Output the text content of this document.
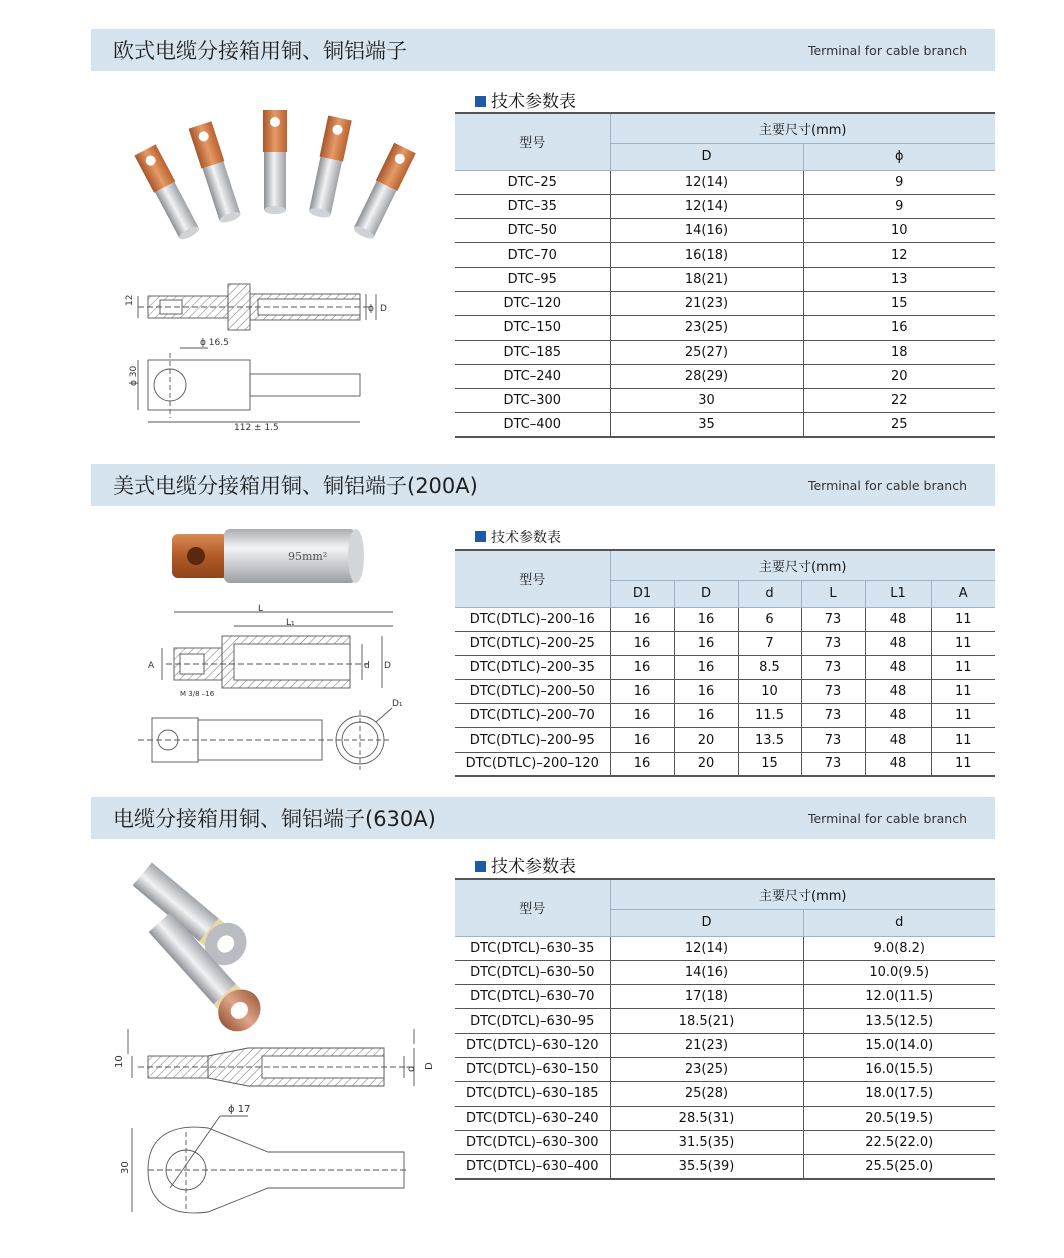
欧式电缆分接箱用铜、铜铝端子	Terminal for cable branch
技术参数表
型号	主要尺寸(mm)	
	D	ϕ
DTC–25	12(14)	9
DTC–35	12(14)	9
DTC–50	14(16)	10
DTC–70	16(18)	12
DTC–95	18(21)	13
DTC–120	21(23)	15
DTC–150	23(25)	16
DTC–185	25(27)	18
DTC–240	28(29)	20
DTC–300	30	22
DTC–400	35	25
12
ϕ D
ϕ 16.5
ϕ 30
112 ± 1.5
美式电缆分接箱用铜、铜铝端子(200A)	Terminal for cable branch
技术参数表
型号	主要尺寸(mm)					
	D1	D	d	L	L1	A
DTC(DTLC)–200–16	16	16	6	73	48	11
DTC(DTLC)–200–25	16	16	7	73	48	11
DTC(DTLC)–200–35	16	16	8.5	73	48	11
DTC(DTLC)–200–50	16	16	10	73	48	11
DTC(DTLC)–200–70	16	16	11.5	73	48	11
DTC(DTLC)–200–95	16	20	13.5	73	48	11
DTC(DTLC)–200–120	16	20	15	73	48	11
95mm²
L
L₁
A	d D
M 3/8 –16
D₁
电缆分接箱用铜、铜铝端子(630A)	Terminal for cable branch
技术参数表
型号	主要尺寸(mm)	
	D	d
DTC(DTCL)–630–35	12(14)	9.0(8.2)
DTC(DTCL)–630–50	14(16)	10.0(9.5)
DTC(DTCL)–630–70	17(18)	12.0(11.5)
DTC(DTCL)–630–95	18.5(21)	13.5(12.5)
DTC(DTCL)–630–120	21(23)	15.0(14.0)
DTC(DTCL)–630–150	23(25)	16.0(15.5)
DTC(DTCL)–630–185	25(28)	18.0(17.5)
DTC(DTCL)–630–240	28.5(31)	20.5(19.5)
DTC(DTCL)–630–300	31.5(35)	22.5(22.0)
DTC(DTCL)–630–400	35.5(39)	25.5(25.0)
10
d D
ϕ 17
30
